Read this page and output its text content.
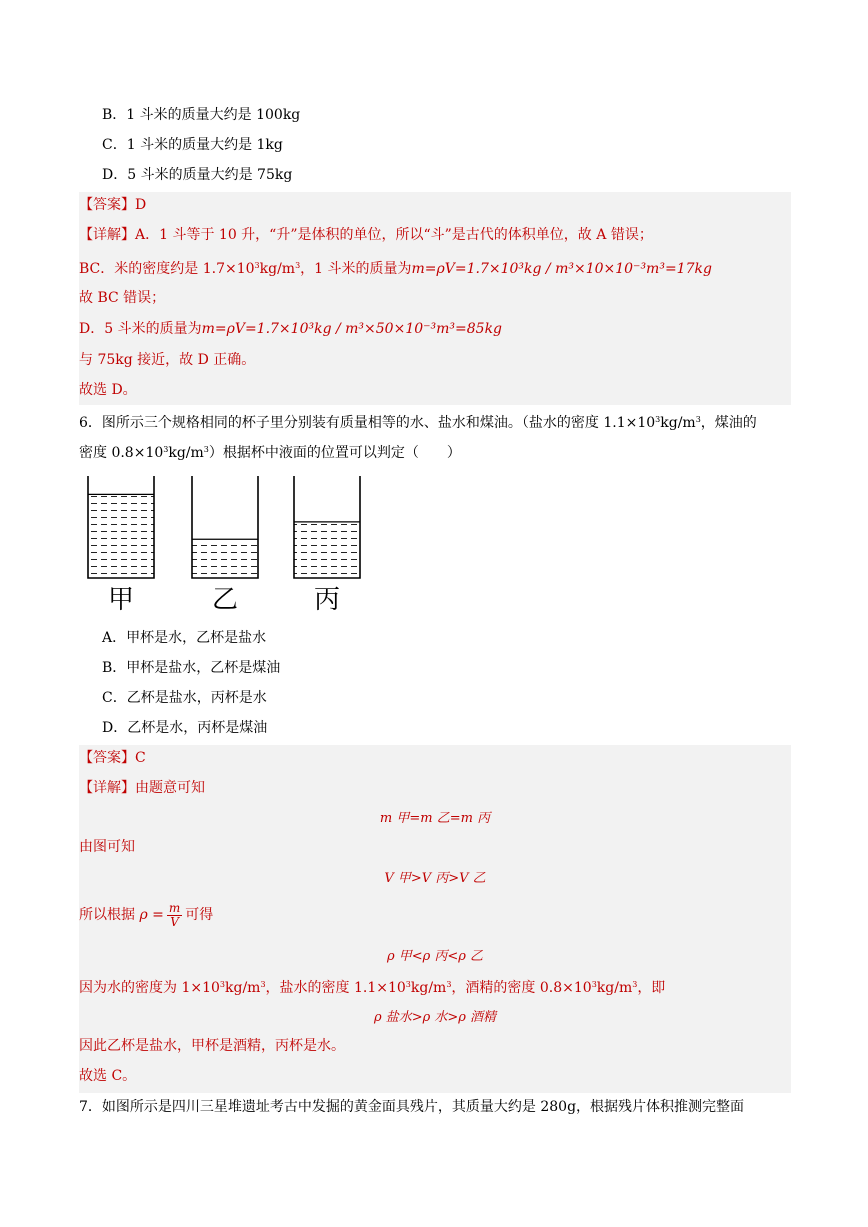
B．1 斗米的质量大约是 100kg
C．1 斗米的质量大约是 1kg
D．5 斗米的质量大约是 75kg
【答案】D
【详解】A．1 斗等于 10 升，“升”是体积的单位，所以“斗”是古代的体积单位，故 A 错误；
BC．米的密度约是 $1.7\times 10^3kg/m^3$，1 斗米的质量为m=ρV=1.7×10³kg / m³×10×10⁻³m³=17kg
故 BC 错误；
D．5 斗米的质量为m=ρV=1.7×10³kg / m³×50×10⁻³m³=85kg
与 75kg 接近，故 D 正确。
故选 D。
6．图所示三个规格相同的杯子里分别装有质量相等的水、盐水和煤油。（盐水的密度 $1.1\times 10^3kg/m^3$，煤油的
密度 $0.8\times 10^3kg/m^3$）根据杯中液面的位置可以判定（　　）
甲	乙	丙
A．甲杯是水，乙杯是盐水
B．甲杯是盐水，乙杯是煤油
C．乙杯是盐水，丙杯是水
D．乙杯是水，丙杯是煤油
【答案】C
【详解】由题意可知
m 甲=m 乙=m 丙
由图可知
V 甲>V 丙>V 乙
所以根据 $\rho = \frac{m}{V}$ 可得
ρ 甲<ρ 丙<ρ 乙
因为水的密度为 $1\times 10^3kg/m^3$，盐水的密度 $1.1\times 10^3kg/m^3$，酒精的密度 $0.8\times 10^3kg/m^3$，即
ρ 盐水>ρ 水>ρ 酒精
因此乙杯是盐水，甲杯是酒精，丙杯是水。
故选 C。
7．如图所示是四川三星堆遗址考古中发掘的黄金面具残片，其质量大约是 280g，根据残片体积推测完整面
